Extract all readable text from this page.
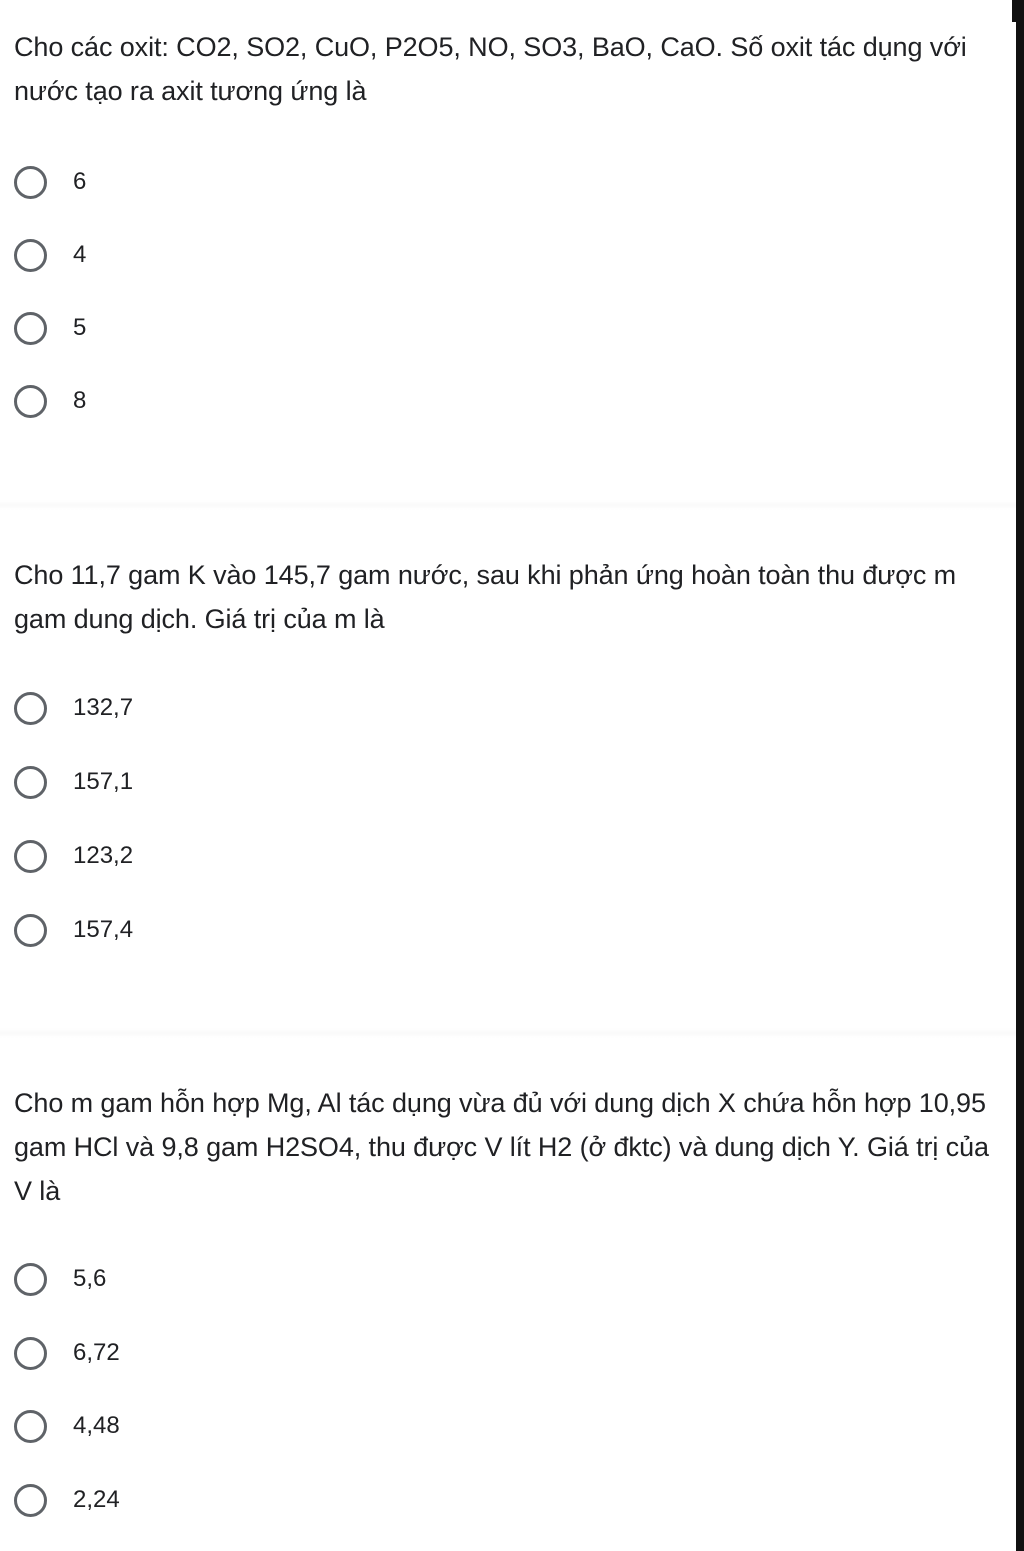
Cho các oxit: CO2, SO2, CuO, P2O5, NO, SO3, BaO, CaO. Số oxit tác dụng với nước tạo ra axit tương ứng là

6
4
5
8

Cho 11,7 gam K vào 145,7 gam nước, sau khi phản ứng hoàn toàn thu được m gam dung dịch. Giá trị của m là

132,7
157,1
123,2
157,4

Cho m gam hỗn hợp Mg, Al tác dụng vừa đủ với dung dịch X chứa hỗn hợp 10,95 gam HCl và 9,8 gam H2SO4, thu được V lít H2 (ở đktc) và dung dịch Y. Giá trị của V là

5,6
6,72
4,48
2,24
